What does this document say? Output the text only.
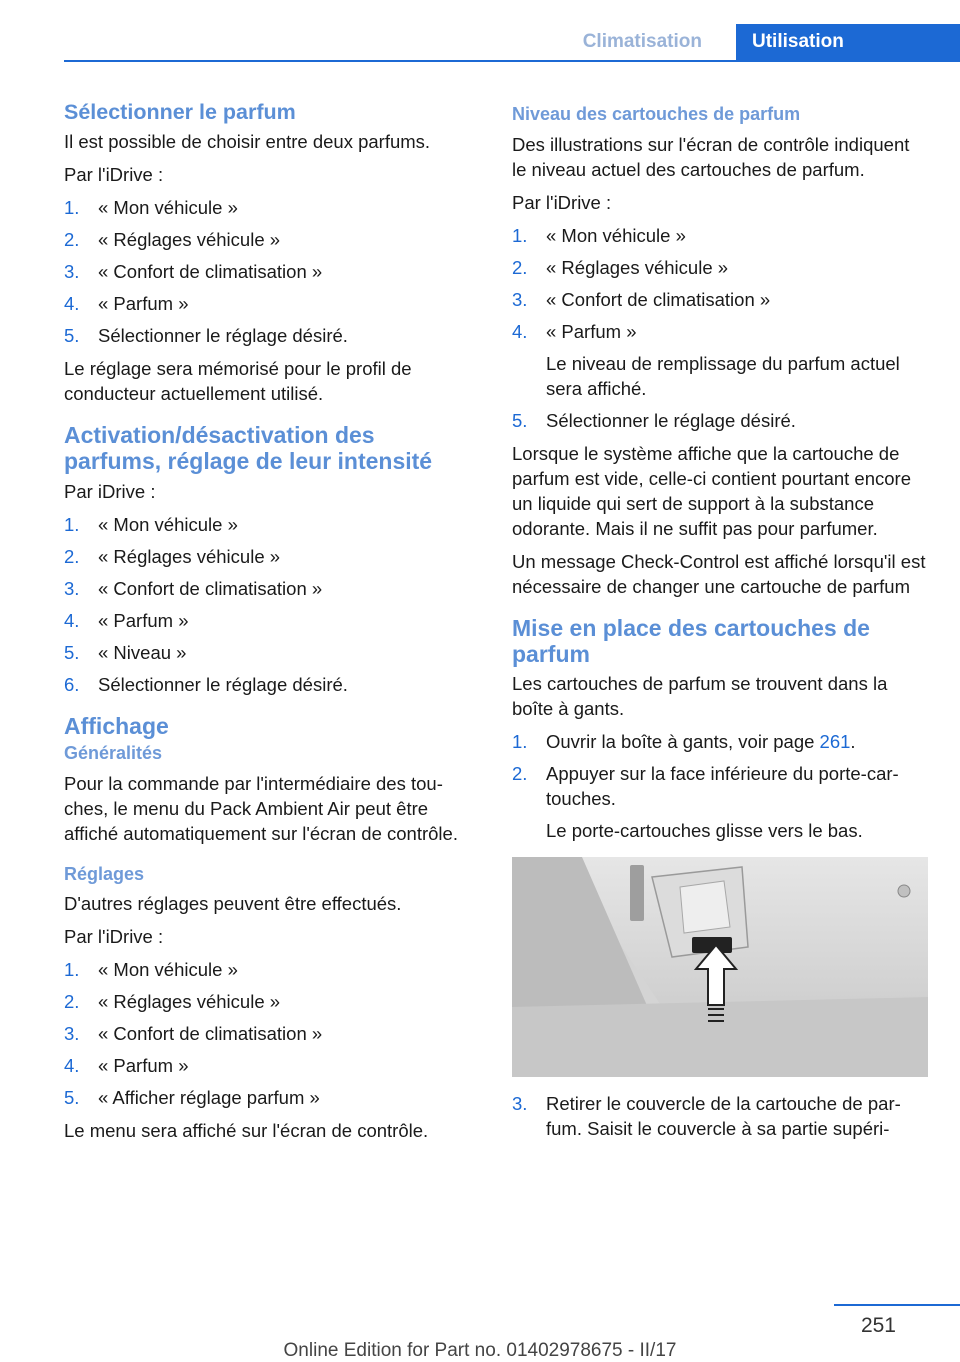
Climatisation	Utilisation
Sélectionner le parfum

Il est possible de choisir entre deux parfums.

Par l'iDrive :

1. « Mon véhicule »
2. « Réglages véhicule »
3. « Confort de climatisation »
4. « Parfum »
5. Sélectionner le réglage désiré.

Le réglage sera mémorisé pour le profil de conducteur actuellement utilisé.

Activation/désactivation des parfums, réglage de leur intensité

Par iDrive :

1. « Mon véhicule »
2. « Réglages véhicule »
3. « Confort de climatisation »
4. « Parfum »
5. « Niveau »
6. Sélectionner le réglage désiré.
Affichage
Généralités

Pour la commande par l'intermédiaire des touches, le menu du Pack Ambient Air peut être affiché automatiquement sur l'écran de contrôle.

Réglages

D'autres réglages peuvent être effectués.

Par l'iDrive :

1. « Mon véhicule »
2. « Réglages véhicule »
3. « Confort de climatisation »
4. « Parfum »
5. « Afficher réglage parfum »

Le menu sera affiché sur l'écran de contrôle.

Niveau des cartouches de parfum

Des illustrations sur l'écran de contrôle indiquent le niveau actuel des cartouches de parfum.

Par l'iDrive :

1. « Mon véhicule »
2. « Réglages véhicule »
3. « Confort de climatisation »
4. « Parfum »
Le niveau de remplissage du parfum actuel sera affiché.
5. Sélectionner le réglage désiré.

Lorsque le système affiche que la cartouche de parfum est vide, celle-ci contient pourtant encore un liquide qui sert de support à la substance odorante. Mais il ne suffit pas pour parfumer.

Un message Check-Control est affiché lorsqu'il est nécessaire de changer une cartouche de parfum

Mise en place des cartouches de parfum

Les cartouches de parfum se trouvent dans la boîte à gants.

1. Ouvrir la boîte à gants, voir page 261.
2. Appuyer sur la face inférieure du porte-cartouches.
Le porte-cartouches glisse vers le bas.
3. Retirer le couvercle de la cartouche de parfum. Saisit le couvercle à sa partie supéri-
251
Online Edition for Part no. 01402978675 - II/17
